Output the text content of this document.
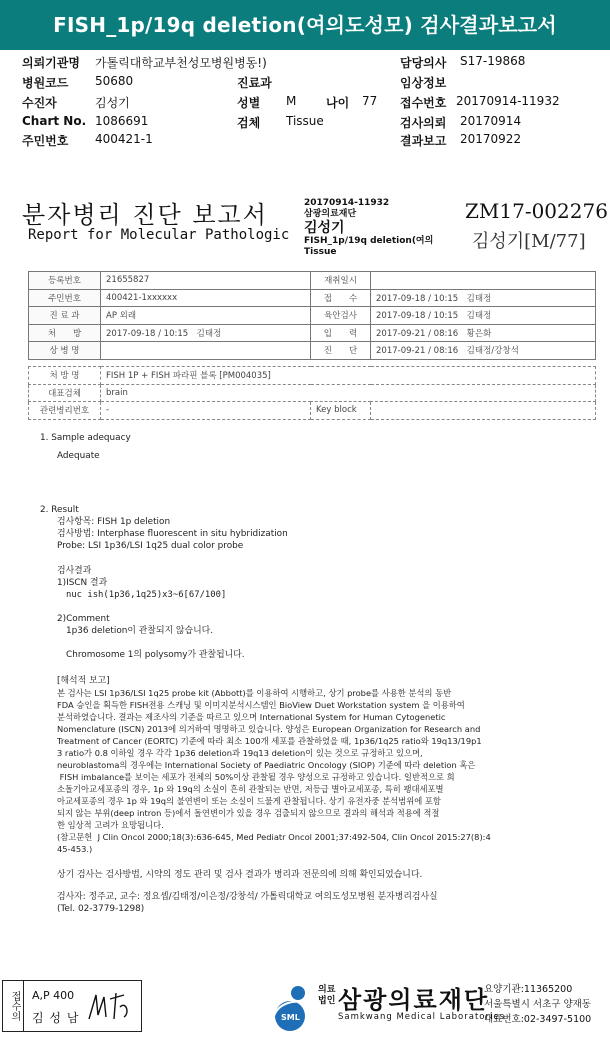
FISH_1p/19q deletion(여의도성모) 검사결과보고서
의뢰기관명 가톨릭대학교부천성모병원병동!)	담당의사 S17-19868
병원코드 50680	진료과	임상정보
수진자	김성기	성별 M 나이 77 접수번호 20170914-11932
Chart No. 1086691	검체 Tissue	검사의뢰 20170914
주민번호 400421-1	결과보고 20170922
분자병리 진단 보고서
Report for Molecular Pathologic
20170914-11932
삼광의료재단
김성기
FISH_1p/19q deletion(여의
Tissue
ZM17-002276
김성기[M/77]
등록번호	21655827	재취일시	
주민번호	400421-1xxxxxx	접　　수	2017-09-18 / 10:15　김태정
진 료 과	AP 외래	육안검사	2017-09-18 / 10:15　김태정
처　　방	2017-09-18 / 10:15　김태정	입　　력	2017-09-21 / 08:16　황은화
상 병 명		진　　단	2017-09-21 / 08:16　김태정/강창석
처 방 명	FISH 1P + FISH 파라핀 블록 [PM004035]		
대표검체	brain		
관련병리번호	-	Key block	

1. Sample adequacy

Adequate

2. Result

검사항목: FISH 1p deletion

검사방법: Interphase fluorescent in situ hybridization

Probe: LSI 1p36/LSI 1q25 dual color probe

검사결과

1)ISCN 결과

nuc ish(1p36,1q25)x3~6[67/100]

2)Comment

1p36 deletion이 관찰되지 않습니다.

Chromosome 1의 polysomy가 관찰됩니다.

[해석적 보고]

본 검사는 LSI 1p36/LSI 1q25 probe kit (Abbott)를 이용하여 시행하고, 상기 probe를 사용한 분석의 동반
FDA 승인을 획득한 FISH전용 스캐닝 및 이미지분석시스템인 BioView Duet Workstation system 을 이용하여
분석하였습니다. 결과는 제조사의 기준을 따르고 있으며 International System for Human Cytogenetic
Nomenclature (ISCN) 2013에 의거하여 명명하고 있습니다. 양성은 European Organization for Research and
Treatment of Cancer (EORTC) 기준에 따라 최소 100개 세포를 관찰하였을 때, 1p36/1q25 ratio와 19q13/19p1
3 ratio가 0.8 이하일 경우 각각 1p36 deletion과 19q13 deletion이 있는 것으로 규정하고 있으며,
neuroblastoma의 경우에는 International Society of Paediatric Oncology (SIOP) 기준에 따라 deletion 혹은
FISH imbalance를 보이는 세포가 전체의 50%이상 관찰될 경우 양성으로 규정하고 있습니다. 일반적으로 희
소돌기아교세포종의 경우, 1p 와 19q의 소실이 흔히 관찰되는 반면, 저등급 별아교세포종, 특히 팽대세포별
아교세포종의 경우 1p 와 19q의 불연변이 또는 소실이 드물게 관찰됩니다. 상기 유전자중 분석범위에 포함
되지 않는 부위(deep intron 등)에서 돌연변이가 있을 경우 검출되지 않으므로 결과의 해석과 적용에 적절
한 임상적 고려가 요망됩니다.
(참고문헌  J Clin Oncol 2000;18(3):636-645, Med Pediatr Oncol 2001;37:492-504, Clin Oncol 2015:27(8):4
45-453.)

상기 검사는 검사방법, 시약의 정도 관리 및 검사 결과가 병리과 전문의에 의해 확인되었습니다.

검사자: 정주교, 교수: 정요셉/김태정/이은정/강창석/ 가톨릭대학교 여의도성모병원 분자병리검사실

(Tel. 02-3779-1298)

접수의	A,P 400
김 성 남	SML
의료
법인 삼광의료재단
Samkwang Medical Laboratories
요양기관:11365200
서울특별시 서초구 양재동
대표번호:02-3497-5100
